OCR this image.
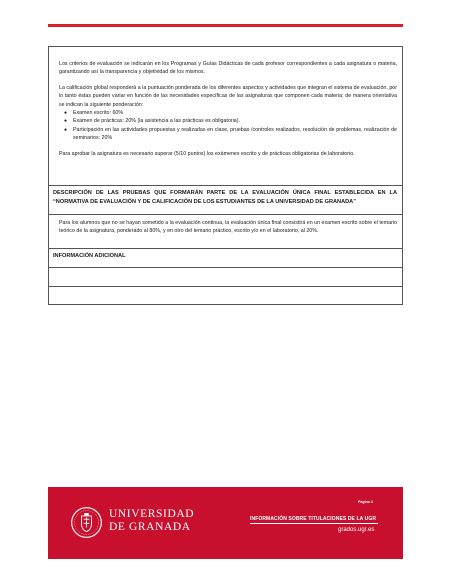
Los criterios de evaluación se indicarán en los Programas y Guías Didácticas de cada profesor correspondientes a cada asignatura o materia, garantizando así la transparencia y objetividad de los mismos.

La calificación global responderá a la puntuación ponderada de los diferentes aspectos y actividades que integran el sistema de evaluación, por lo tanto éstas pueden variar en función de las necesidades específicas de las asignaturas que componen cada materia; de manera orientativa se indican la siguiente ponderación:

● Examen escrito: 60%
● Examen de prácticas: 20% (la asistencia a las prácticas es obligatoria).
● Participación en las actividades propuestas y realizadas en clase, pruebas /controles realizados, resolución de problemas, realización de seminarios: 20%

Para aprobar la asignatura es necesario superar (5/10 puntos) los exámenes escrito y de prácticas obligatorias de laboratorio.

DESCRIPCIÓN DE LAS PRUEBAS QUE FORMARÁN PARTE DE LA EVALUACIÓN ÚNICA FINAL ESTABLECIDA EN LA “NORMATIVA DE EVALUACIÓN Y DE CALIFICACIÓN DE LOS ESTUDIANTES DE LA UNIVERSIDAD DE GRANADA”

Para los alumnos que no se hayan sometido a la evaluación continua, la evaluación única final consistirá en un examen escrito sobre el temario teórico de la asignatura, ponderado al 80%, y en otro del temario práctico, escrito y/o en el laboratorio, al 20%.

INFORMACIÓN ADICIONAL
UNIVERSIDAD
DE GRANADA
Página 4
INFORMACIÓN SOBRE TITULACIONES DE LA UGR
grados.ugr.es
